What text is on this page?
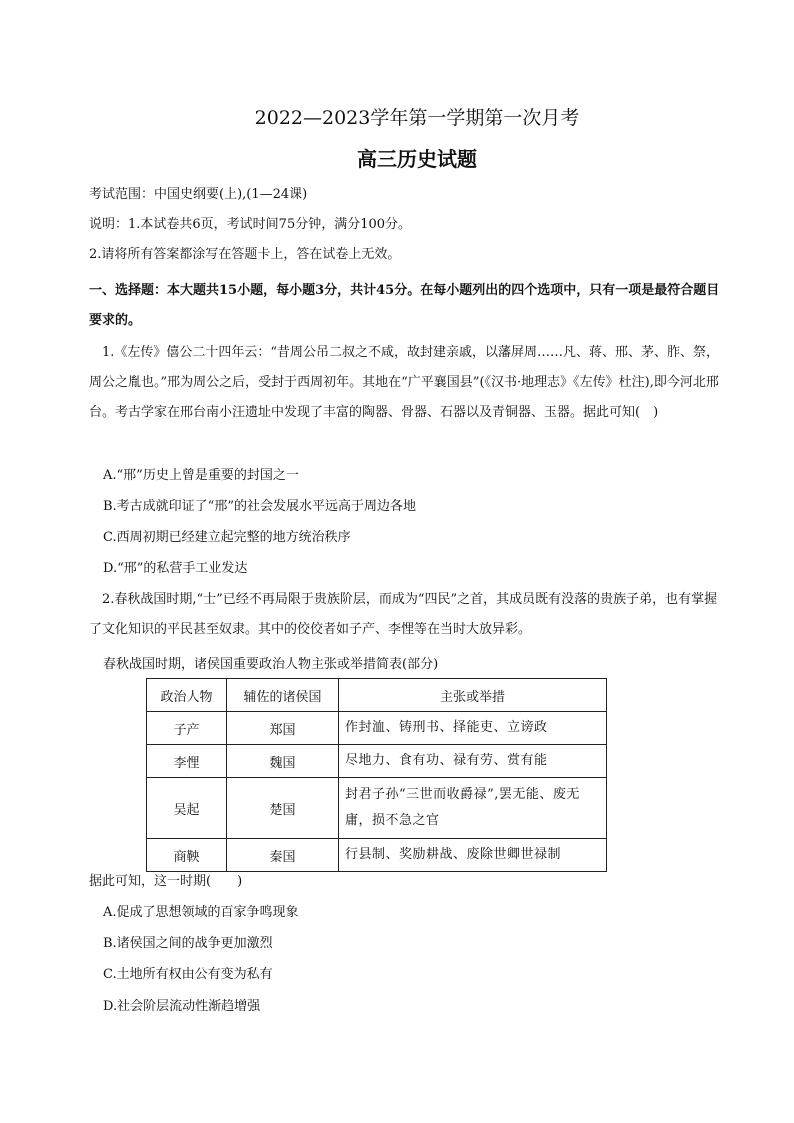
2022—2023学年第一学期第一次月考
高三历史试题
考试范围：中国史纲要(上),(1—24课)
说明：1.本试卷共6页，考试时间75分钟，满分100分。
2.请将所有答案都涂写在答题卡上，答在试卷上无效。
一、选择题：本大题共15小题，每小题3分，共计45分。在每小题列出的四个选项中，只有一项是最符合题目要求的。
1.《左传》僖公二十四年云：“昔周公吊二叔之不咸，故封建亲戚，以藩屏周……凡、蒋、邢、茅、胙、祭，周公之胤也。”邢为周公之后，受封于西周初年。其地在“广平襄国县”(《汉书·地理志》《左传》杜注),即今河北邢台。考古学家在邢台南小汪遗址中发现了丰富的陶器、骨器、石器以及青铜器、玉器。据此可知(　)
A.“邢”历史上曾是重要的封国之一
B.考古成就印证了“邢”的社会发展水平远高于周边各地
C.西周初期已经建立起完整的地方统治秩序
D.“邢”的私营手工业发达
2.春秋战国时期,“士”已经不再局限于贵族阶层，而成为“四民”之首，其成员既有没落的贵族子弟，也有掌握了文化知识的平民甚至奴隶。其中的佼佼者如子产、李悝等在当时大放异彩。
春秋战国时期，诸侯国重要政治人物主张或举措简表(部分)
政治人物	辅佐的诸侯国	主张或举措
子产	郑国	作封洫、铸刑书、择能吏、立谤政
李悝	魏国	尽地力、食有功、禄有劳、赏有能
吴起	楚国	封君子孙“三世而收爵禄”,罢无能、废无庸，损不急之官
商鞅	秦国	行县制、奖励耕战、废除世卿世禄制
据此可知，这一时期(　　)
A.促成了思想领域的百家争鸣现象
B.诸侯国之间的战争更加激烈
C.土地所有权由公有变为私有
D.社会阶层流动性渐趋增强
